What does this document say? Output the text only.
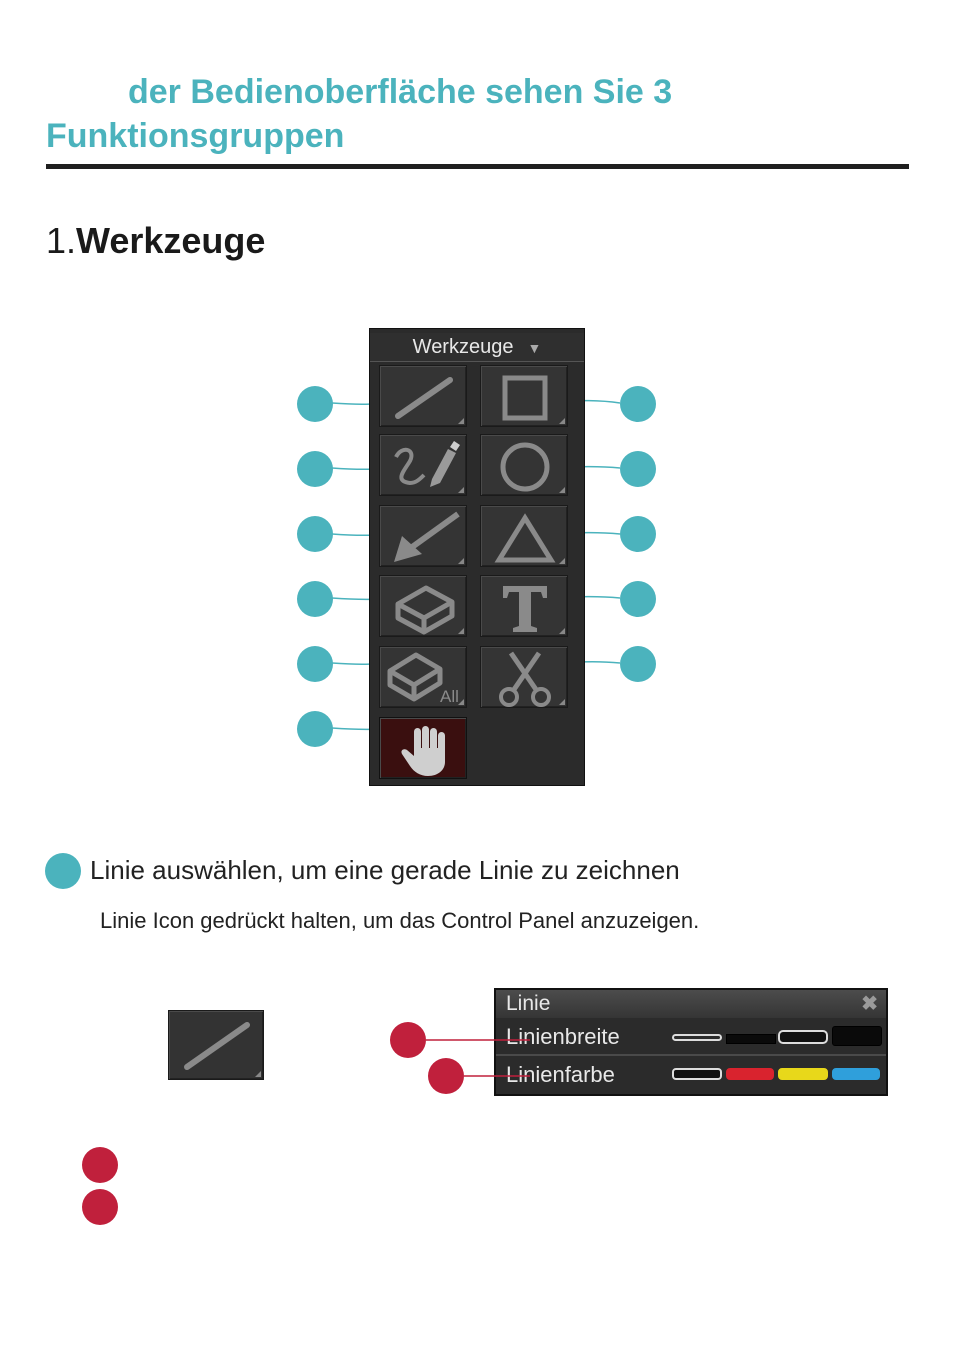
der Bedienoberfläche sehen Sie 3
Funktionsgruppen
1.Werkzeuge
Werkzeuge ▼
All
Linie auswählen, um eine gerade Linie zu zeichnen
Linie Icon gedrückt halten, um das Control Panel anzuzeigen.
Linie	✖
Linienbreite
Linienfarbe
